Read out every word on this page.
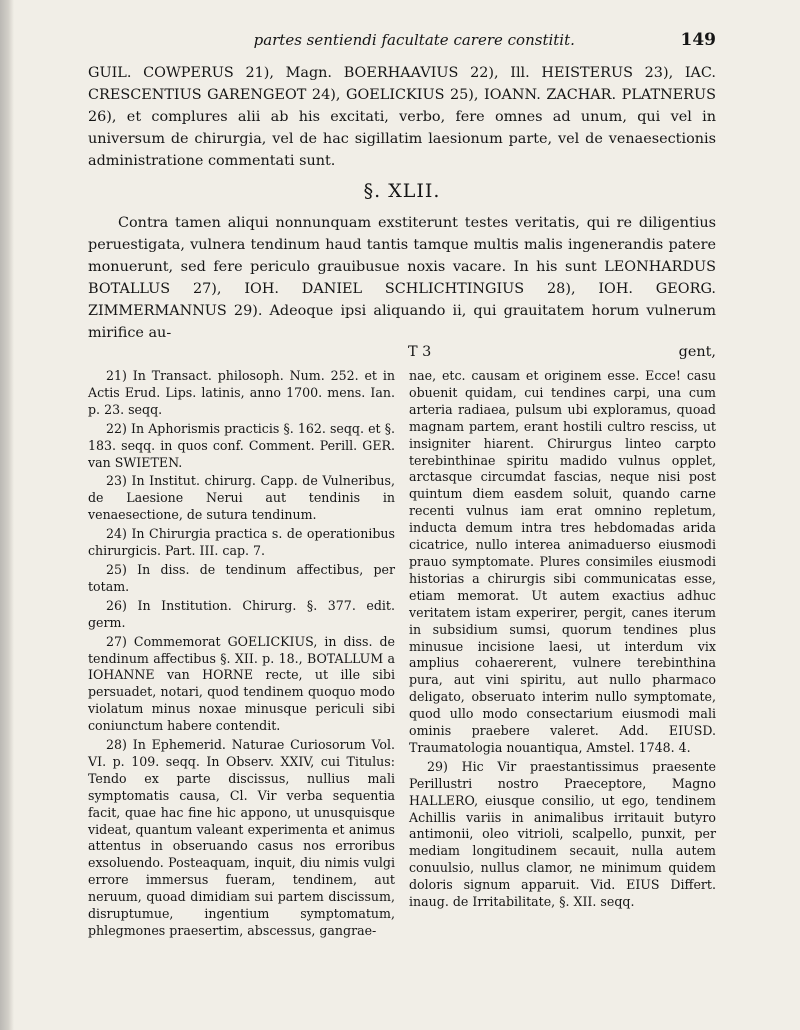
partes sentiendi facultate carere constitit.	149

GUIL. COWPERUS 21), Magn. BOERHAAVIUS 22), Ill. HEISTERUS 23), IAC. CRESCENTIUS GARENGEOT 24), GOELICKIUS 25), IOANN. ZACHAR. PLATNERUS 26), et complures alii ab his excitati, verbo, fere omnes ad unum, qui vel in universum de chirurgia, vel de hac sigillatim laesionum parte, vel de venaesectionis administratione commentati sunt.

§. XLII.

Contra tamen aliqui nonnunquam exstiterunt testes veritatis, qui re diligentius peruestigata, vulnera tendinum haud tantis tamque multis malis ingenerandis patere monuerunt, sed fere periculo grauibusue noxis vacare. In his sunt LEONHARDUS BOTALLUS 27), IOH. DANIEL SCHLICHTINGIUS 28), IOH. GEORG. ZIMMERMANNUS 29). Adeoque ipsi aliquando ii, qui grauitatem horum vulnerum mirifice au-

T 3	gent,

21) In Transact. philosoph. Num. 252. et in Actis Erud. Lips. latinis, anno 1700. mens. Ian. p. 23. seqq.

22) In Aphorismis practicis §. 162. seqq. et §. 183. seqq. in quos conf. Comment. Perill. GER. van SWIETEN.

23) In Institut. chirurg. Capp. de Vulneribus, de Laesione Nerui aut tendinis in venaesectione, de sutura tendinum.

24) In Chirurgia practica s. de operationibus chirurgicis. Part. III. cap. 7.

25) In diss. de tendinum affectibus, per totam.

26) In Institution. Chirurg. §. 377. edit. germ.

27) Commemorat GOELICKIUS, in diss. de tendinum affectibus §. XII. p. 18., BOTALLUM a IOHANNE van HORNE recte, ut ille sibi persuadet, notari, quod tendinem quoquo modo violatum minus noxae minusque periculi sibi coniunctum habere contendit.

28) In Ephemerid. Naturae Curiosorum Vol. VI. p. 109. seqq. In Observ. XXIV, cui Titulus: Tendo ex parte discissus, nullius mali symptomatis causa, Cl. Vir verba sequentia facit, quae hac fine hic appono, ut unusquisque videat, quantum valeant experimenta et animus attentus in obseruando casus nos erroribus exsoluendo. Posteaquam, inquit, diu nimis vulgi errore immersus fueram, tendinem, aut neruum, quoad dimidiam sui partem discissum, disruptumue, ingentium symptomatum, phlegmones praesertim, abscessus, gangrae-

nae, etc. causam et originem esse. Ecce! casu obuenit quidam, cui tendines carpi, una cum arteria radiaea, pulsum ubi exploramus, quoad magnam partem, erant hostili cultro resciss, ut insigniter hiarent. Chirurgus linteo carpto terebinthinae spiritu madido vulnus opplet, arctasque circumdat fascias, neque nisi post quintum diem easdem soluit, quando carne recenti vulnus iam erat omnino repletum, inducta demum intra tres hebdomadas arida cicatrice, nullo interea animaduerso eiusmodi prauo symptomate. Plures consimiles eiusmodi historias a chirurgis sibi communicatas esse, etiam memorat. Ut autem exactius adhuc veritatem istam experirer, pergit, canes iterum in subsidium sumsi, quorum tendines plus minusue incisione laesi, ut interdum vix amplius cohaererent, vulnere terebinthina pura, aut vini spiritu, aut nullo pharmaco deligato, obseruato interim nullo symptomate, quod ullo modo consectarium eiusmodi mali ominis praebere valeret. Add. EIUSD. Traumatologia nouantiqua, Amstel. 1748. 4.

29) Hic Vir praestantissimus praesente Perillustri nostro Praeceptore, Magno HALLERO, eiusque consilio, ut ego, tendinem Achillis variis in animalibus irritauit butyro antimonii, oleo vitrioli, scalpello, punxit, per mediam longitudinem secauit, nulla autem conuulsio, nullus clamor, ne minimum quidem doloris signum apparuit. Vid. EIUS Differt. inaug. de Irritabilitate, §. XII. seqq.
